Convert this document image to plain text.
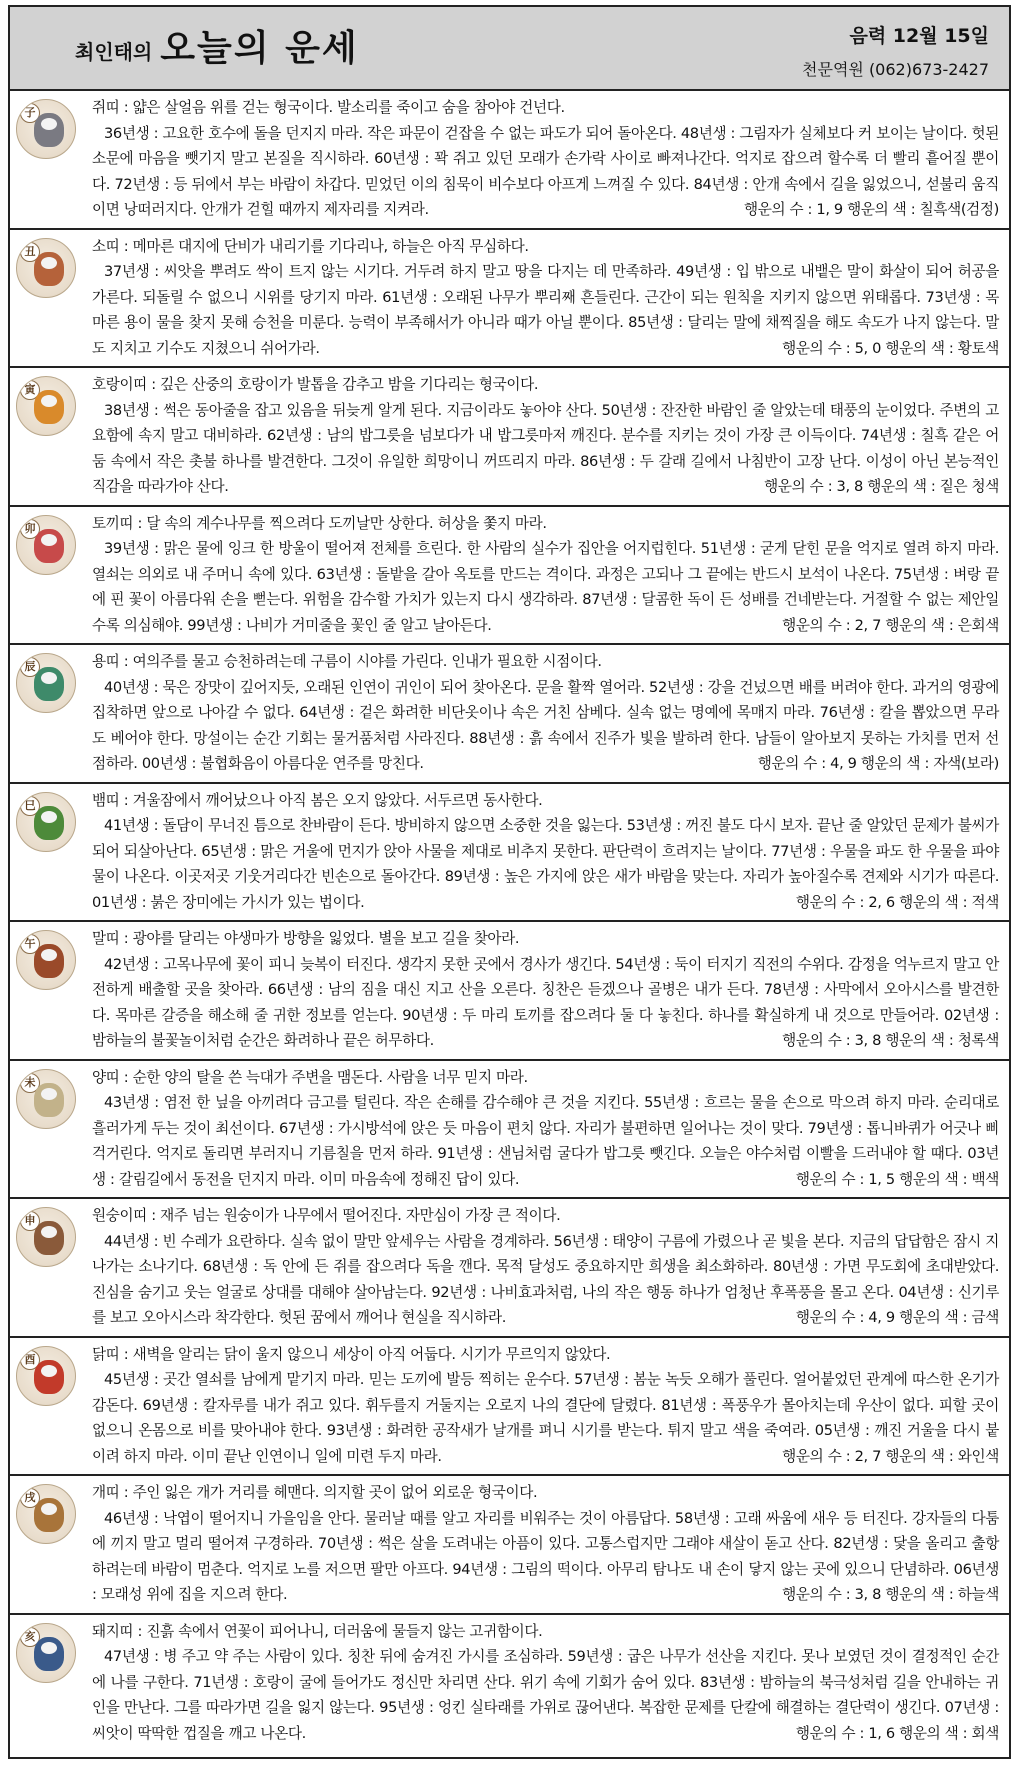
최인태의 오늘의 운세	음력 12월 15일
천문역원 (062)673-2427
子	쥐띠 : 얇은 살얼음 위를 걷는 형국이다. 발소리를 죽이고 숨을 참아야 건넌다.
36년생 : 고요한 호수에 돌을 던지지 마라. 작은 파문이 걷잡을 수 없는 파도가 되어 돌아온다. 48년생 : 그림자가 실체보다 커 보이는 날이다. 헛된 소문에 마음을 뺏기지 말고 본질을 직시하라. 60년생 : 꽉 쥐고 있던 모래가 손가락 사이로 빠져나간다. 억지로 잡으려 할수록 더 빨리 흩어질 뿐이다. 72년생 : 등 뒤에서 부는 바람이 차갑다. 믿었던 이의 침묵이 비수보다 아프게 느껴질 수 있다. 84년생 : 안개 속에서 길을 잃었으니, 섣불리 움직이면 낭떠러지다. 안개가 걷힐 때까지 제자리를 지켜라.	행운의 수 : 1, 9 행운의 색 : 칠흑색(검정)
丑	소띠 : 메마른 대지에 단비가 내리기를 기다리나, 하늘은 아직 무심하다.
37년생 : 씨앗을 뿌려도 싹이 트지 않는 시기다. 거두려 하지 말고 땅을 다지는 데 만족하라. 49년생 : 입 밖으로 내뱉은 말이 화살이 되어 허공을 가른다. 되돌릴 수 없으니 시위를 당기지 마라. 61년생 : 오래된 나무가 뿌리째 흔들린다. 근간이 되는 원칙을 지키지 않으면 위태롭다. 73년생 : 목마른 용이 물을 찾지 못해 승천을 미룬다. 능력이 부족해서가 아니라 때가 아닐 뿐이다. 85년생 : 달리는 말에 채찍질을 해도 속도가 나지 않는다. 말도 지치고 기수도 지쳤으니 쉬어가라.	행운의 수 : 5, 0 행운의 색 : 황토색
寅	호랑이띠 : 깊은 산중의 호랑이가 발톱을 감추고 밤을 기다리는 형국이다.
38년생 : 썩은 동아줄을 잡고 있음을 뒤늦게 알게 된다. 지금이라도 놓아야 산다. 50년생 : 잔잔한 바람인 줄 알았는데 태풍의 눈이었다. 주변의 고요함에 속지 말고 대비하라. 62년생 : 남의 밥그릇을 넘보다가 내 밥그릇마저 깨진다. 분수를 지키는 것이 가장 큰 이득이다. 74년생 : 칠흑 같은 어둠 속에서 작은 촛불 하나를 발견한다. 그것이 유일한 희망이니 꺼뜨리지 마라. 86년생 : 두 갈래 길에서 나침반이 고장 난다. 이성이 아닌 본능적인 직감을 따라가야 산다.	행운의 수 : 3, 8 행운의 색 : 짙은 청색
卯	토끼띠 : 달 속의 계수나무를 찍으려다 도끼날만 상한다. 허상을 쫓지 마라.
39년생 : 맑은 물에 잉크 한 방울이 떨어져 전체를 흐린다. 한 사람의 실수가 집안을 어지럽힌다. 51년생 : 굳게 닫힌 문을 억지로 열려 하지 마라. 열쇠는 의외로 내 주머니 속에 있다. 63년생 : 돌밭을 갈아 옥토를 만드는 격이다. 과정은 고되나 그 끝에는 반드시 보석이 나온다. 75년생 : 벼랑 끝에 핀 꽃이 아름다워 손을 뻗는다. 위험을 감수할 가치가 있는지 다시 생각하라. 87년생 : 달콤한 독이 든 성배를 건네받는다. 거절할 수 없는 제안일수록 의심해야. 99년생 : 나비가 거미줄을 꽃인 줄 알고 날아든다.	행운의 수 : 2, 7 행운의 색 : 은회색
辰	용띠 : 여의주를 물고 승천하려는데 구름이 시야를 가린다. 인내가 필요한 시점이다.
40년생 : 묵은 장맛이 깊어지듯, 오래된 인연이 귀인이 되어 찾아온다. 문을 활짝 열어라. 52년생 : 강을 건넜으면 배를 버려야 한다. 과거의 영광에 집착하면 앞으로 나아갈 수 없다. 64년생 : 겉은 화려한 비단옷이나 속은 거친 삼베다. 실속 없는 명예에 목매지 마라. 76년생 : 칼을 뽑았으면 무라도 베어야 한다. 망설이는 순간 기회는 물거품처럼 사라진다. 88년생 : 흙 속에서 진주가 빛을 발하려 한다. 남들이 알아보지 못하는 가치를 먼저 선점하라. 00년생 : 불협화음이 아름다운 연주를 망친다.	행운의 수 : 4, 9 행운의 색 : 자색(보라)
巳	뱀띠 : 겨울잠에서 깨어났으나 아직 봄은 오지 않았다. 서두르면 동사한다.
41년생 : 돌담이 무너진 틈으로 찬바람이 든다. 방비하지 않으면 소중한 것을 잃는다. 53년생 : 꺼진 불도 다시 보자. 끝난 줄 알았던 문제가 불씨가 되어 되살아난다. 65년생 : 맑은 거울에 먼지가 앉아 사물을 제대로 비추지 못한다. 판단력이 흐려지는 날이다. 77년생 : 우물을 파도 한 우물을 파야 물이 나온다. 이곳저곳 기웃거리다간 빈손으로 돌아간다. 89년생 : 높은 가지에 앉은 새가 바람을 맞는다. 자리가 높아질수록 견제와 시기가 따른다. 01년생 : 붉은 장미에는 가시가 있는 법이다.	행운의 수 : 2, 6 행운의 색 : 적색
午	말띠 : 광야를 달리는 야생마가 방향을 잃었다. 별을 보고 길을 찾아라.
42년생 : 고목나무에 꽃이 피니 늦복이 터진다. 생각지 못한 곳에서 경사가 생긴다. 54년생 : 둑이 터지기 직전의 수위다. 감정을 억누르지 말고 안전하게 배출할 곳을 찾아라. 66년생 : 남의 짐을 대신 지고 산을 오른다. 칭찬은 듣겠으나 골병은 내가 든다. 78년생 : 사막에서 오아시스를 발견한다. 목마른 갈증을 해소해 줄 귀한 정보를 얻는다. 90년생 : 두 마리 토끼를 잡으려다 둘 다 놓친다. 하나를 확실하게 내 것으로 만들어라. 02년생 : 밤하늘의 불꽃놀이처럼 순간은 화려하나 끝은 허무하다.	행운의 수 : 3, 8 행운의 색 : 청록색
未	양띠 : 순한 양의 탈을 쓴 늑대가 주변을 맴돈다. 사람을 너무 믿지 마라.
43년생 : 염전 한 닢을 아끼려다 금고를 털린다. 작은 손해를 감수해야 큰 것을 지킨다. 55년생 : 흐르는 물을 손으로 막으려 하지 마라. 순리대로 흘러가게 두는 것이 최선이다. 67년생 : 가시방석에 앉은 듯 마음이 편치 않다. 자리가 불편하면 일어나는 것이 맞다. 79년생 : 톱니바퀴가 어긋나 삐걱거린다. 억지로 돌리면 부러지니 기름칠을 먼저 하라. 91년생 : 샌님처럼 굴다가 밥그릇 뺏긴다. 오늘은 야수처럼 이빨을 드러내야 할 때다. 03년생 : 갈림길에서 동전을 던지지 마라. 이미 마음속에 정해진 답이 있다.	행운의 수 : 1, 5 행운의 색 : 백색
申	원숭이띠 : 재주 넘는 원숭이가 나무에서 떨어진다. 자만심이 가장 큰 적이다.
44년생 : 빈 수레가 요란하다. 실속 없이 말만 앞세우는 사람을 경계하라. 56년생 : 태양이 구름에 가렸으나 곧 빛을 본다. 지금의 답답함은 잠시 지나가는 소나기다. 68년생 : 독 안에 든 쥐를 잡으려다 독을 깬다. 목적 달성도 중요하지만 희생을 최소화하라. 80년생 : 가면 무도회에 초대받았다. 진심을 숨기고 웃는 얼굴로 상대를 대해야 살아남는다. 92년생 : 나비효과처럼, 나의 작은 행동 하나가 엄청난 후폭풍을 몰고 온다. 04년생 : 신기루를 보고 오아시스라 착각한다. 헛된 꿈에서 깨어나 현실을 직시하라.	행운의 수 : 4, 9 행운의 색 : 금색
酉	닭띠 : 새벽을 알리는 닭이 울지 않으니 세상이 아직 어둡다. 시기가 무르익지 않았다.
45년생 : 곳간 열쇠를 남에게 맡기지 마라. 믿는 도끼에 발등 찍히는 운수다. 57년생 : 봄눈 녹듯 오해가 풀린다. 얼어붙었던 관계에 따스한 온기가 감돈다. 69년생 : 칼자루를 내가 쥐고 있다. 휘두를지 거둘지는 오로지 나의 결단에 달렸다. 81년생 : 폭풍우가 몰아치는데 우산이 없다. 피할 곳이 없으니 온몸으로 비를 맞아내야 한다. 93년생 : 화려한 공작새가 날개를 펴니 시기를 받는다. 튀지 말고 색을 죽여라. 05년생 : 깨진 거울을 다시 붙이려 하지 마라. 이미 끝난 인연이니 일에 미련 두지 마라.	행운의 수 : 2, 7 행운의 색 : 와인색
戌	개띠 : 주인 잃은 개가 거리를 헤맨다. 의지할 곳이 없어 외로운 형국이다.
46년생 : 낙엽이 떨어지니 가을임을 안다. 물러날 때를 알고 자리를 비워주는 것이 아름답다. 58년생 : 고래 싸움에 새우 등 터진다. 강자들의 다툼에 끼지 말고 멀리 떨어져 구경하라. 70년생 : 썩은 살을 도려내는 아픔이 있다. 고통스럽지만 그래야 새살이 돋고 산다. 82년생 : 닻을 올리고 출항하려는데 바람이 멈춘다. 억지로 노를 저으면 팔만 아프다. 94년생 : 그림의 떡이다. 아무리 탐나도 내 손이 닿지 않는 곳에 있으니 단념하라. 06년생 : 모래성 위에 집을 지으려 한다.	행운의 수 : 3, 8 행운의 색 : 하늘색
亥	돼지띠 : 진흙 속에서 연꽃이 피어나니, 더러움에 물들지 않는 고귀함이다.
47년생 : 병 주고 약 주는 사람이 있다. 칭찬 뒤에 숨겨진 가시를 조심하라. 59년생 : 굽은 나무가 선산을 지킨다. 못나 보였던 것이 결정적인 순간에 나를 구한다. 71년생 : 호랑이 굴에 들어가도 정신만 차리면 산다. 위기 속에 기회가 숨어 있다. 83년생 : 밤하늘의 북극성처럼 길을 안내하는 귀인을 만난다. 그를 따라가면 길을 잃지 않는다. 95년생 : 엉킨 실타래를 가위로 끊어낸다. 복잡한 문제를 단칼에 해결하는 결단력이 생긴다. 07년생 : 씨앗이 딱딱한 껍질을 깨고 나온다.	행운의 수 : 1, 6 행운의 색 : 회색
